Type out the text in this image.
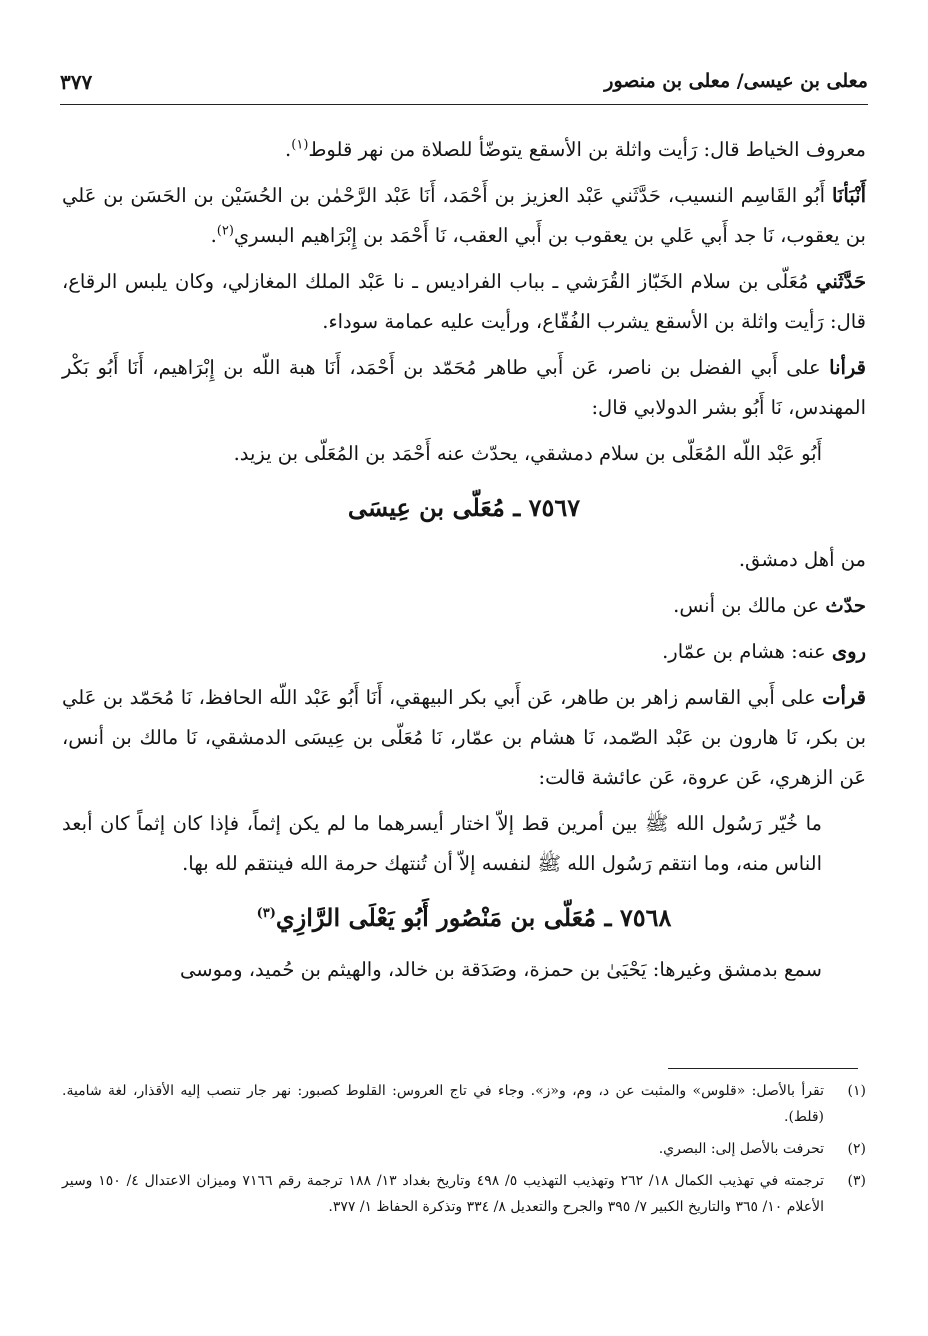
معلى بن عيسى/ معلى بن منصور
٣٧٧

معروف الخياط قال: رَأيت واثلة بن الأسقع يتوضّأ للصلاة من نهر قلوط$^{(١)}$.

أَنْبَأنَا أَبُو القَاسِم النسيب، حَدَّثَني عَبْد العزيز بن أَحْمَد، أَنَا عَبْد الرَّحْمٰن بن الحُسَيْن بن الحَسَن بن عَلي بن يعقوب، نَا جد أَبي عَلي بن يعقوب بن أَبي العقب، نَا أَحْمَد بن إِبْرَاهيم البسري$^{(٢)}$.

حَدَّثَني مُعَلّى بن سلام الخَبّاز القُرَشي ـ بباب الفراديس ـ نا عَبْد الملك المغازلي، وكان يلبس الرقاع، قال: رَأيت واثلة بن الأسقع يشرب الفُقّاع، ورأيت عليه عمامة سوداء.

قرأنا على أَبي الفضل بن ناصر، عَن أَبي طاهر مُحَمّد بن أَحْمَد، أَنَا هبة اللّه بن إِبْرَاهيم، أَنَا أَبُو بَكْر المهندس، نَا أَبُو بشر الدولابي قال:

أَبُو عَبْد اللّه المُعَلّى بن سلام دمشقي، يحدّث عنه أَحْمَد بن المُعَلّى بن يزيد.

٧٥٦٧ ـ مُعَلّى بن عِيسَى

من أهل دمشق.

حدّث عن مالك بن أنس.

روى عنه: هشام بن عمّار.

قرأت على أَبي القاسم زاهر بن طاهر، عَن أَبي بكر البيهقي، أَنَا أَبُو عَبْد اللّه الحافظ، نَا مُحَمّد بن عَلي بن بكر، نَا هارون بن عَبْد الصّمد، نَا هشام بن عمّار، نَا مُعَلّى بن عِيسَى الدمشقي، نَا مالك بن أنس، عَن الزهري، عَن عروة، عَن عائشة قالت:

ما خُيّر رَسُول الله ﷺ بين أمرين قط إلاّ اختار أيسرهما ما لم يكن إثماً، فإذا كان إثماً كان أبعد الناس منه، وما انتقم رَسُول الله ﷺ لنفسه إلاّ أن تُنتهك حرمة الله فينتقم لله بها.

٧٥٦٨ ـ مُعَلّى بن مَنْصُور أَبُو يَعْلَى الرَّازِي$^{(٣)}$

سمع بدمشق وغيرها: يَحْيَىٰ بن حمزة، وصَدَقة بن خالد، والهيثم بن حُميد، وموسى

(١)
تقرأ بالأصل: «قلوس» والمثبت عن د، وم، و«ز». وجاء في تاج العروس: القلوط كصبور: نهر جار تنصب إليه الأقذار، لغة شامية. (قلط).
(٢)
تحرفت بالأصل إلى: البصري.
(٣)
ترجمته في تهذيب الكمال ١٨/ ٢٦٢ وتهذيب التهذيب ٥/ ٤٩٨ وتاريخ بغداد ١٣/ ١٨٨ ترجمة رقم ٧١٦٦ وميزان الاعتدال ٤/ ١٥٠ وسير الأعلام ١٠/ ٣٦٥ والتاريخ الكبير ٧/ ٣٩٥ والجرح والتعديل ٨/ ٣٣٤ وتذكرة الحفاظ ١/ ٣٧٧.
